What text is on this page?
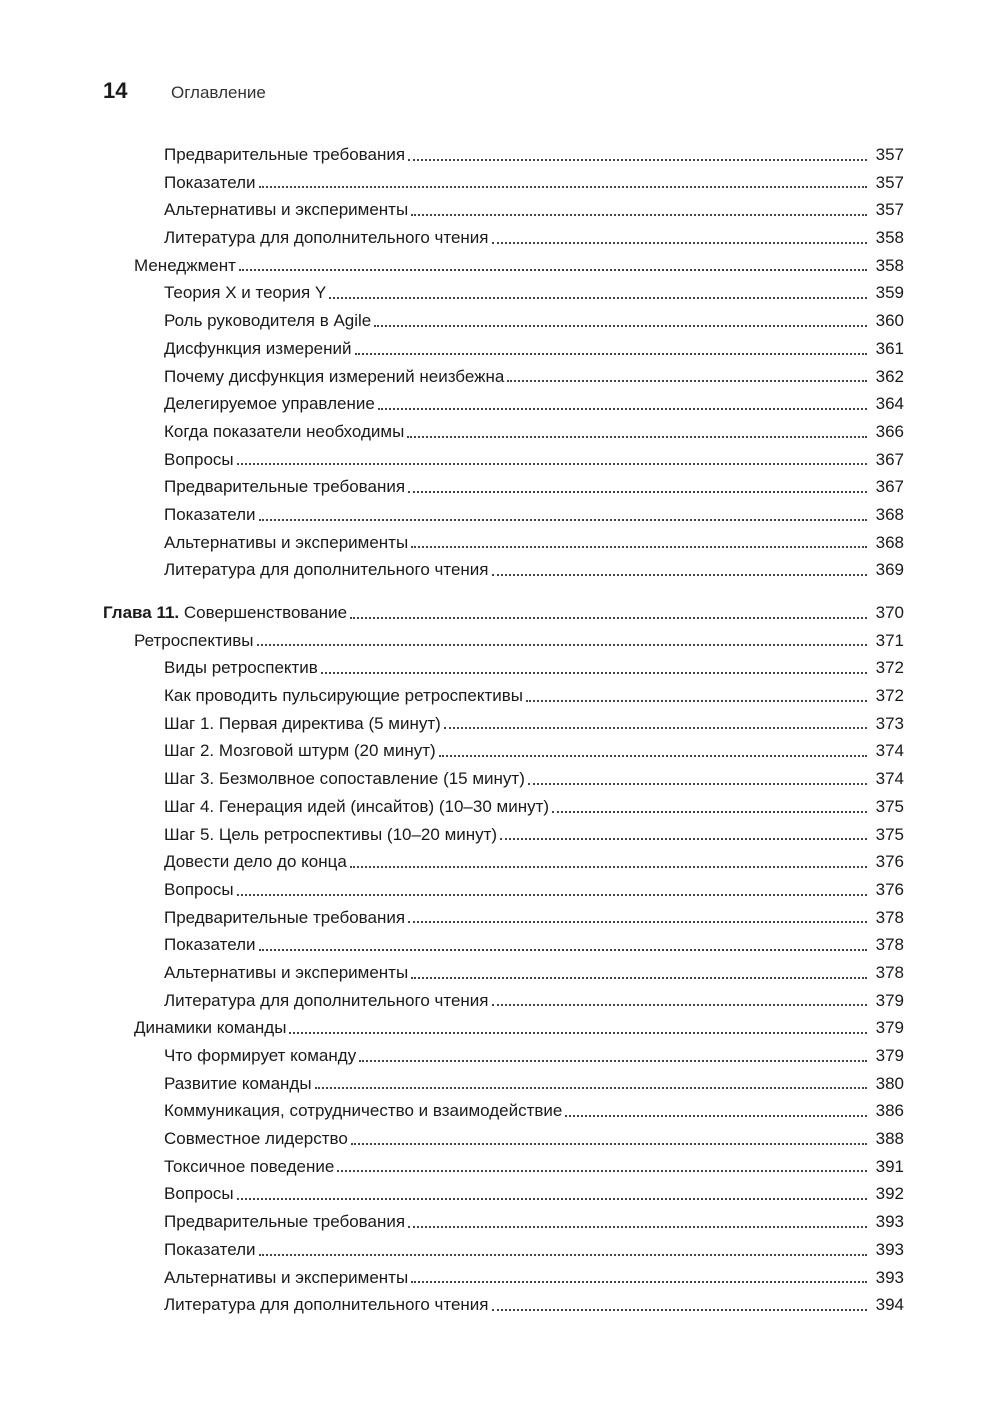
14	Оглавление
Предварительные требования	357
Показатели	357
Альтернативы и эксперименты	357
Литература для дополнительного чтения	358
Менеджмент	358
Теория X и теория Y	359
Роль руководителя в Agile	360
Дисфункция измерений	361
Почему дисфункция измерений неизбежна	362
Делегируемое управление	364
Когда показатели необходимы	366
Вопросы	367
Предварительные требования	367
Показатели	368
Альтернативы и эксперименты	368
Литература для дополнительного чтения	369
Глава 11. Совершенствование	370
Ретроспективы	371
Виды ретроспектив	372
Как проводить пульсирующие ретроспективы	372
Шаг 1. Первая директива (5 минут)	373
Шаг 2. Мозговой штурм (20 минут)	374
Шаг 3. Безмолвное сопоставление (15 минут)	374
Шаг 4. Генерация идей (инсайтов) (10–30 минут)	375
Шаг 5. Цель ретроспективы (10–20 минут)	375
Довести дело до конца	376
Вопросы	376
Предварительные требования	378
Показатели	378
Альтернативы и эксперименты	378
Литература для дополнительного чтения	379
Динамики команды	379
Что формирует команду	379
Развитие команды	380
Коммуникация, сотрудничество и взаимодействие	386
Совместное лидерство	388
Токсичное поведение	391
Вопросы	392
Предварительные требования	393
Показатели	393
Альтернативы и эксперименты	393
Литература для дополнительного чтения	394
